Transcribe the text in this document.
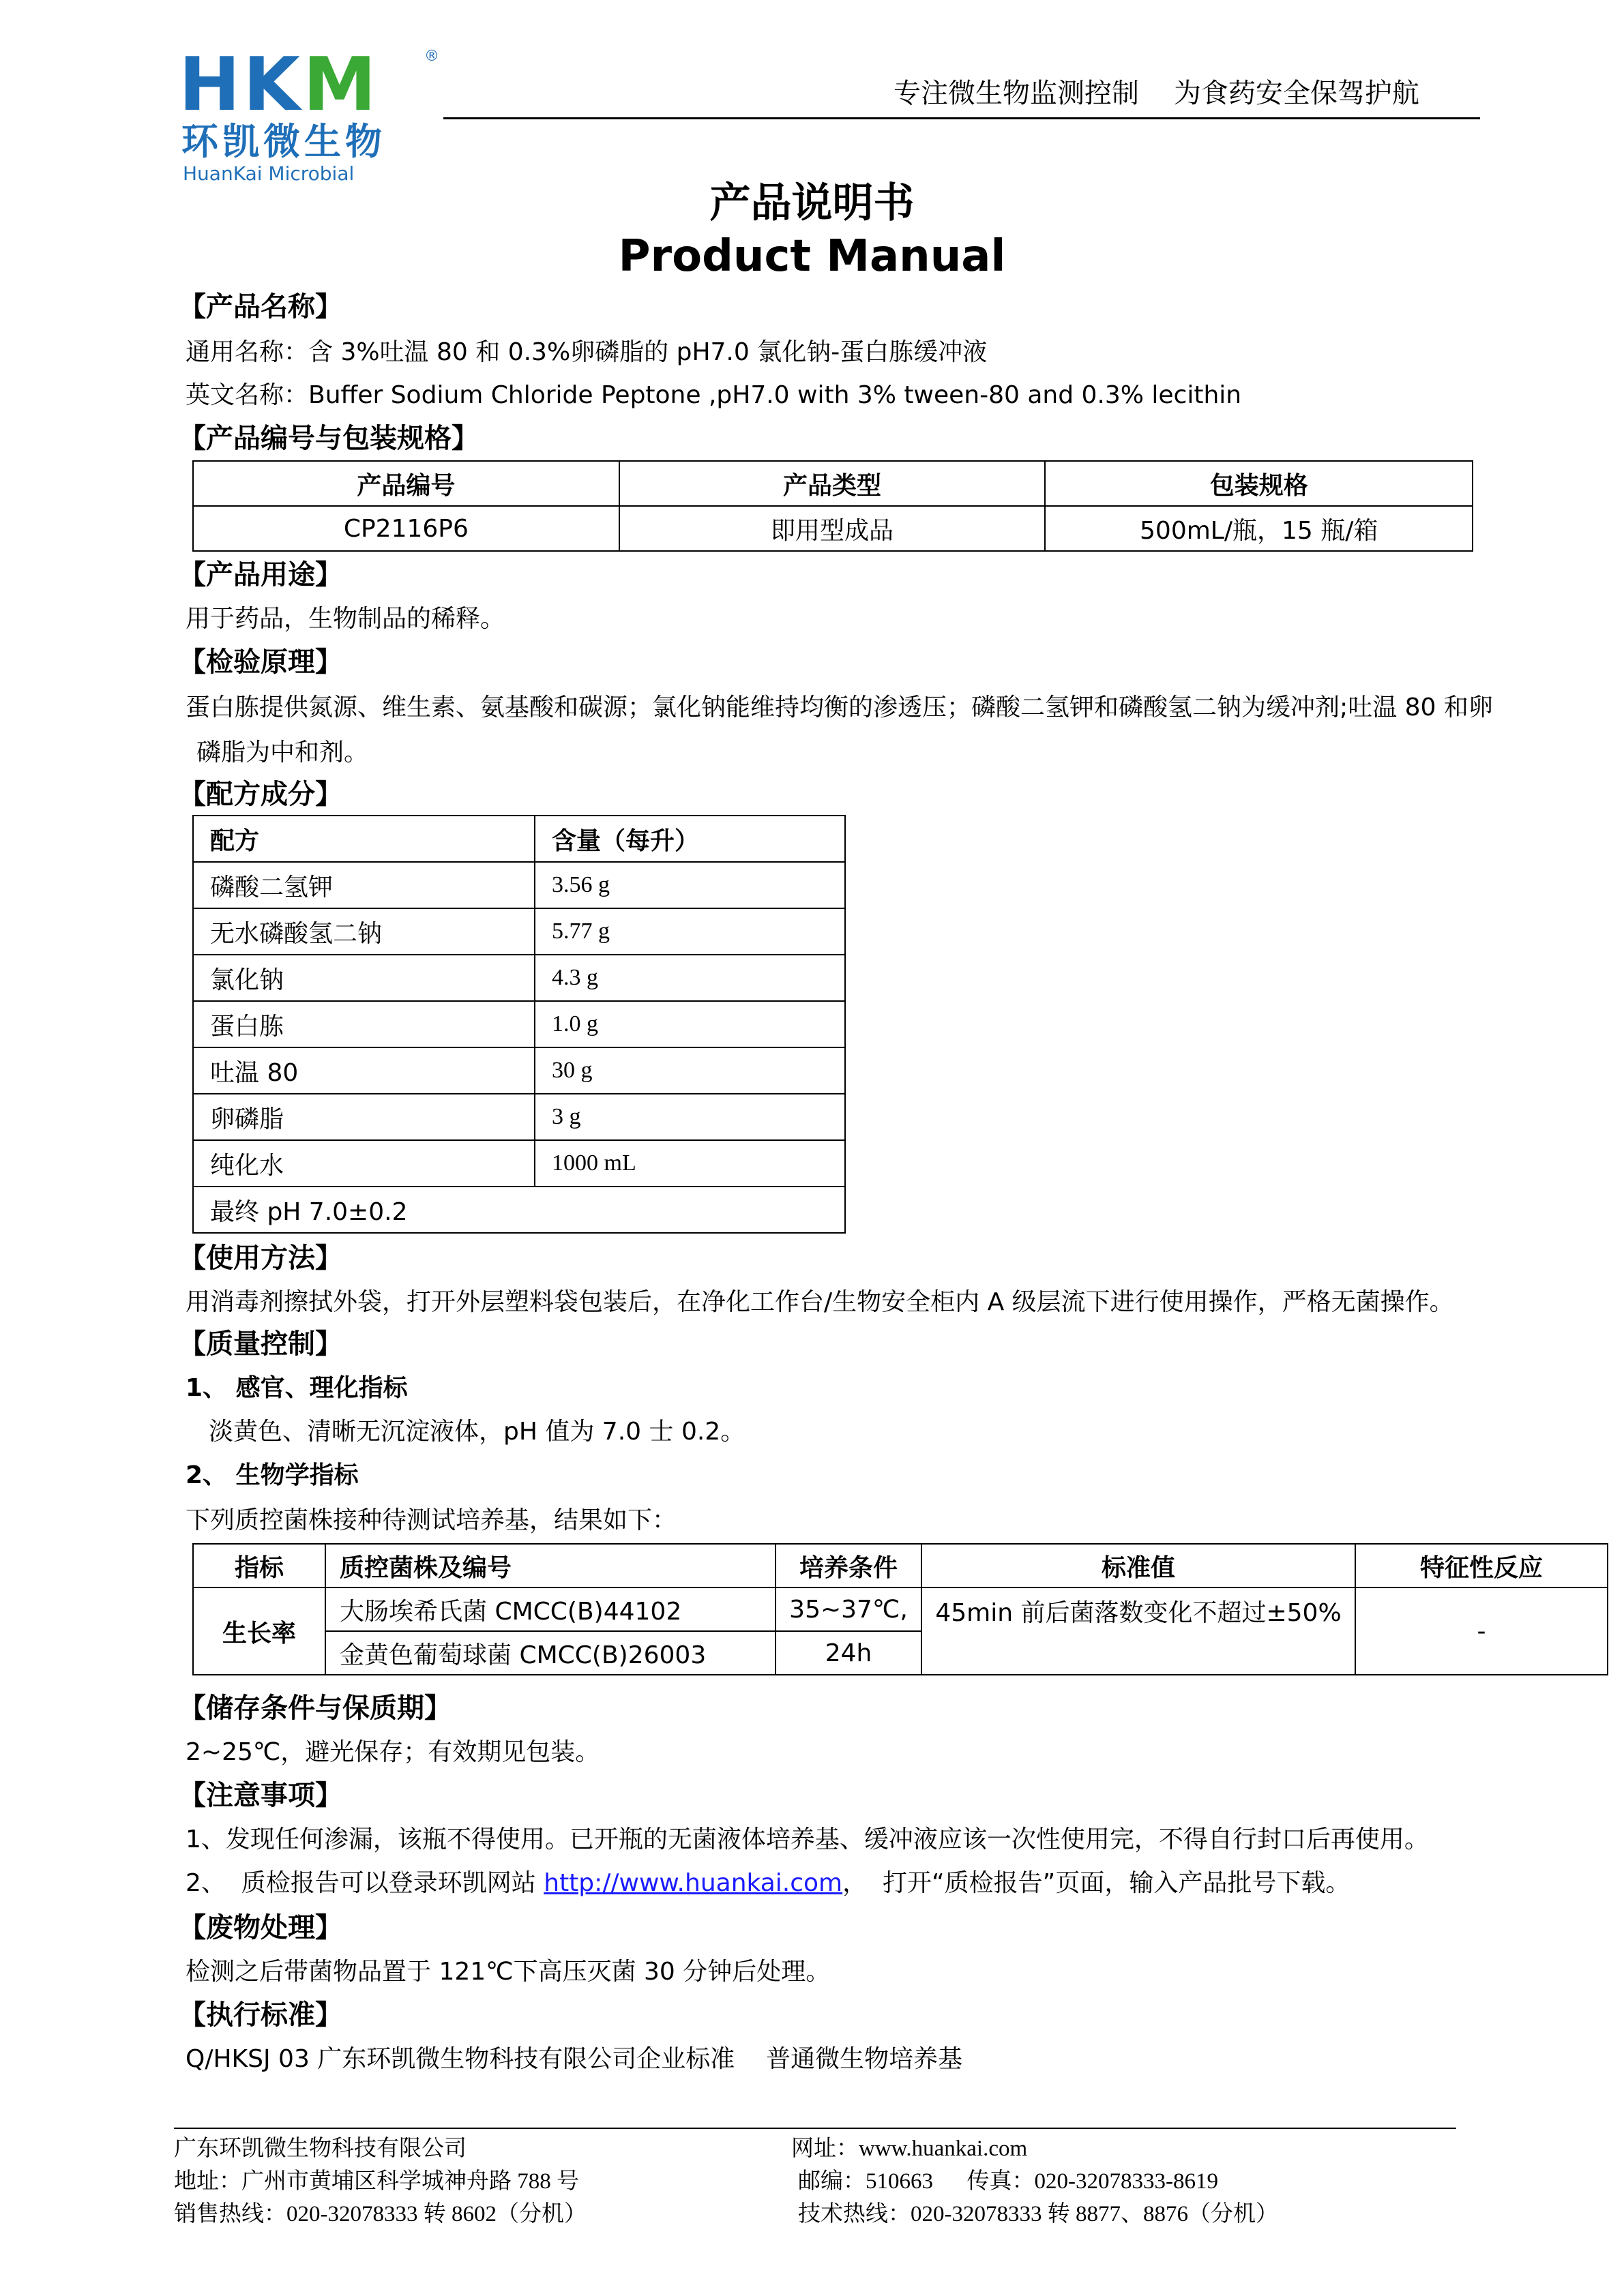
HKM	®
环凯微生物
HuanKai Microbial
专注微生物监测控制    为食药安全保驾护航
产品说明书
Product Manual
【产品名称】
通用名称：含 3%吐温 80 和 0.3%卵磷脂的 pH7.0 氯化钠-蛋白胨缓冲液
英文名称：Buffer Sodium Chloride Peptone ,pH7.0 with 3% tween-80 and 0.3% lecithin
【产品编号与包装规格】
产品编号	产品类型	包装规格
CP2116P6	即用型成品	500mL/瓶，15 瓶/箱
【产品用途】
用于药品，生物制品的稀释。
【检验原理】
蛋白胨提供氮源、维生素、氨基酸和碳源；氯化钠能维持均衡的渗透压；磷酸二氢钾和磷酸氢二钠为缓冲剂;吐温 80 和卵
磷脂为中和剂。
【配方成分】
配方	含量（每升）
磷酸二氢钾	3.56 g
无水磷酸氢二钠	5.77 g
氯化钠	4.3 g
蛋白胨	1.0 g
吐温 80	30 g
卵磷脂	3 g
纯化水	1000 mL
最终 pH 7.0±0.2	
【使用方法】
用消毒剂擦拭外袋，打开外层塑料袋包装后，在净化工作台/生物安全柜内 A 级层流下进行使用操作，严格无菌操作。
【质量控制】
1、 感官、理化指标
淡黄色、清晰无沉淀液体，pH 值为 7.0 士 0.2。
2、 生物学指标
下列质控菌株接种待测试培养基，结果如下：
指标	质控菌株及编号	培养条件	标准值	特征性反应
生长率	大肠埃希氏菌 CMCC(B)44102	35~37℃,	45min 前后菌落数变化不超过±50%	-
	金黄色葡萄球菌 CMCC(B)26003	24h		
【储存条件与保质期】
2~25℃，避光保存；有效期见包装。
【注意事项】
1、发现任何渗漏，该瓶不得使用。已开瓶的无菌液体培养基、缓冲液应该一次性使用完，不得自行封口后再使用。
2、  质检报告可以登录环凯网站 http://www.huankai.com，  打开“质检报告”页面，输入产品批号下载。
【废物处理】
检测之后带菌物品置于 121℃下高压灭菌 30 分钟后处理。
【执行标准】
Q/HKSJ 03 广东环凯微生物科技有限公司企业标准    普通微生物培养基
广东环凯微生物科技有限公司
地址：广州市黄埔区科学城神舟路 788 号
销售热线：020-32078333 转 8602（分机）
网址：www.huankai.com
邮编：510663      传真：020-32078333-8619
技术热线：020-32078333 转 8877、8876（分机）
